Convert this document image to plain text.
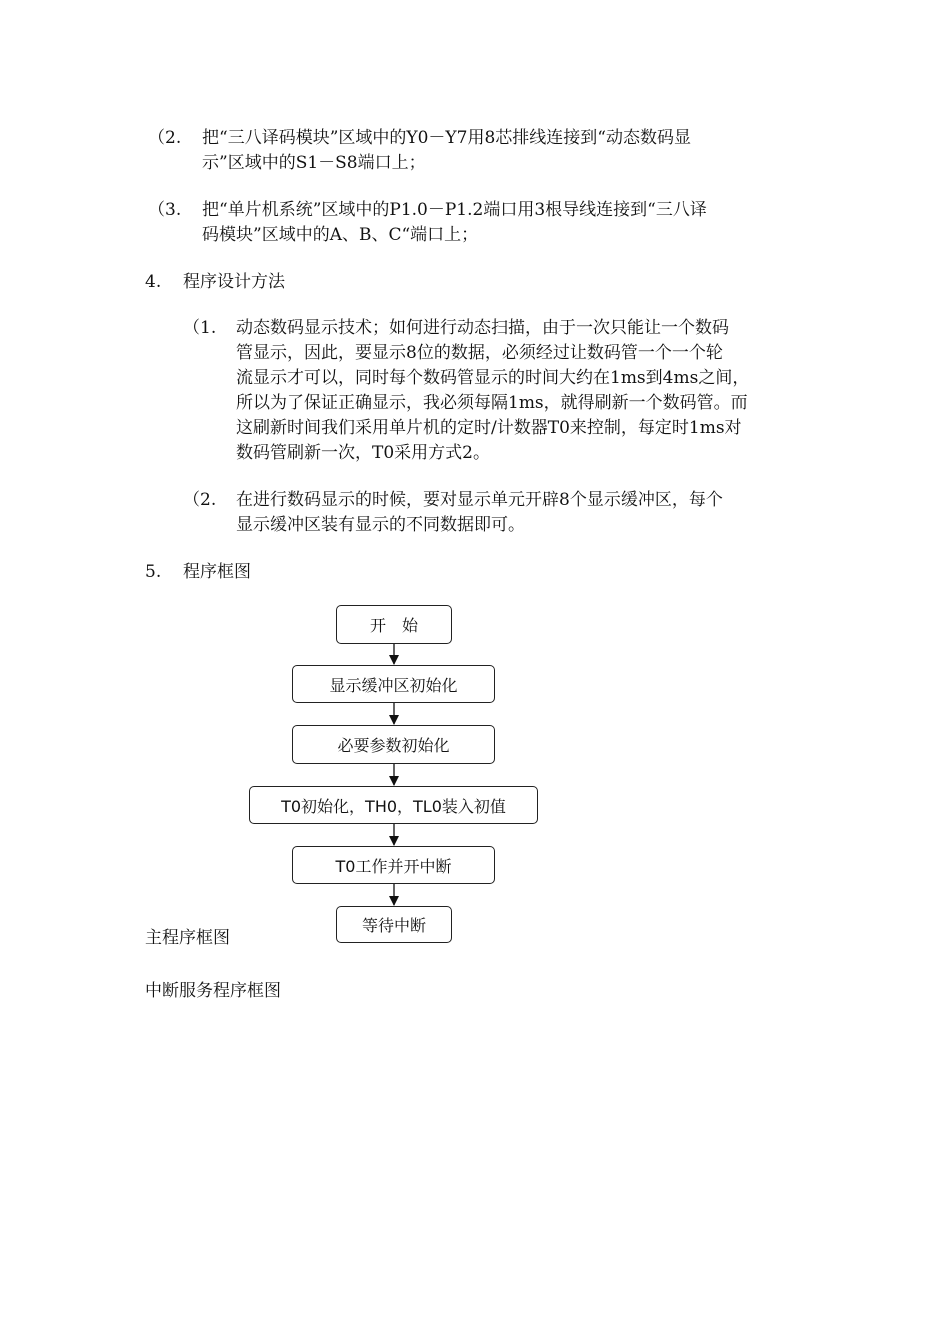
（2. 把“三八译码模块”区域中的Y0－Y7用8芯排线连接到“动态数码显
示”区域中的S1－S8端口上；
（3. 把“单片机系统”区域中的P1.0－P1.2端口用3根导线连接到“三八译
码模块”区域中的A、B、C“端口上；
4. 程序设计方法
（1. 动态数码显示技术；如何进行动态扫描，由于一次只能让一个数码
管显示，因此，要显示8位的数据，必须经过让数码管一个一个轮
流显示才可以，同时每个数码管显示的时间大约在1ms到4ms之间，
所以为了保证正确显示，我必须每隔1ms，就得刷新一个数码管。而
这刷新时间我们采用单片机的定时/计数器T0来控制，每定时1ms对
数码管刷新一次，T0采用方式2。
（2. 在进行数码显示的时候，要对显示单元开辟8个显示缓冲区，每个
显示缓冲区装有显示的不同数据即可。
5. 程序框图
开　始
显示缓冲区初始化
必要参数初始化
T0初始化，TH0，TL0装入初值
T0工作并开中断
等待中断
主程序框图
中断服务程序框图
